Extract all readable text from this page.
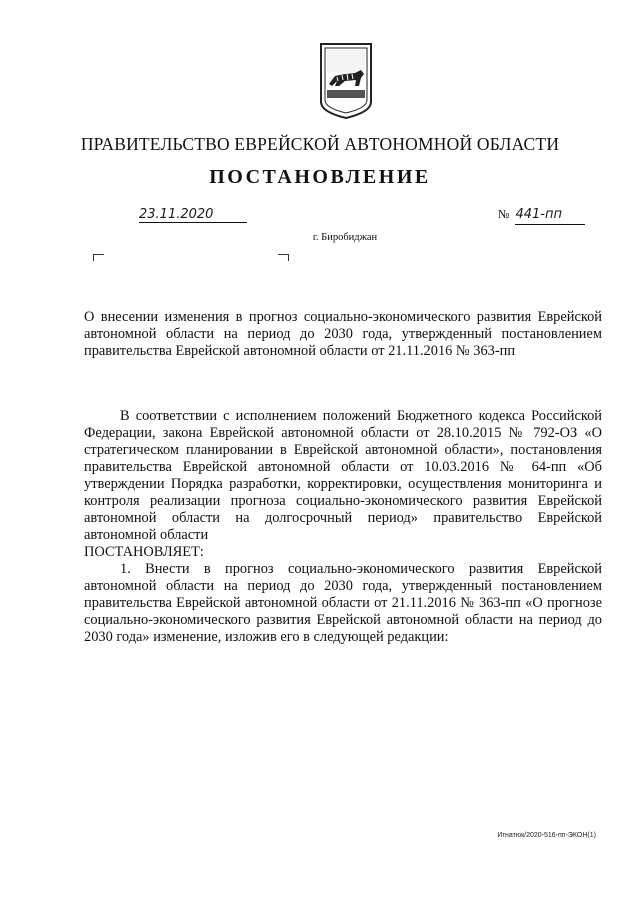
ПРАВИТЕЛЬСТВО ЕВРЕЙСКОЙ АВТОНОМНОЙ ОБЛАСТИ
ПОСТАНОВЛЕНИЕ
23.11.2020	№ 441-пп
г. Биробиджан
О внесении изменения в прогноз социально-экономического развития Еврейской автономной области на период до 2030 года, утвержденный постановлением правительства Еврейской автономной области от 21.11.2016 № 363-пп
В соответствии с исполнением положений Бюджетного кодекса Российской Федерации, закона Еврейской автономной области от 28.10.2015 № 792-ОЗ «О стратегическом планировании в Еврейской автономной области», постановления правительства Еврейской автономной области от 10.03.2016 № 64-пп «Об утверждении Порядка разработки, корректировки, осуществления мониторинга и контроля реализации прогноза социально-экономического развития Еврейской автономной области на долгосрочный период» правительство Еврейской автономной области
ПОСТАНОВЛЯЕТ:
1. Внести в прогноз социально-экономического развития Еврейской автономной области на период до 2030 года, утвержденный постановлением правительства Еврейской автономной области от 21.11.2016 № 363-пп «О прогнозе социально-экономического развития Еврейской автономной области на период до 2030 года» изменение, изложив его в следующей редакции:
Игнатюк/2020-516-пп-ЭКОН(1)
